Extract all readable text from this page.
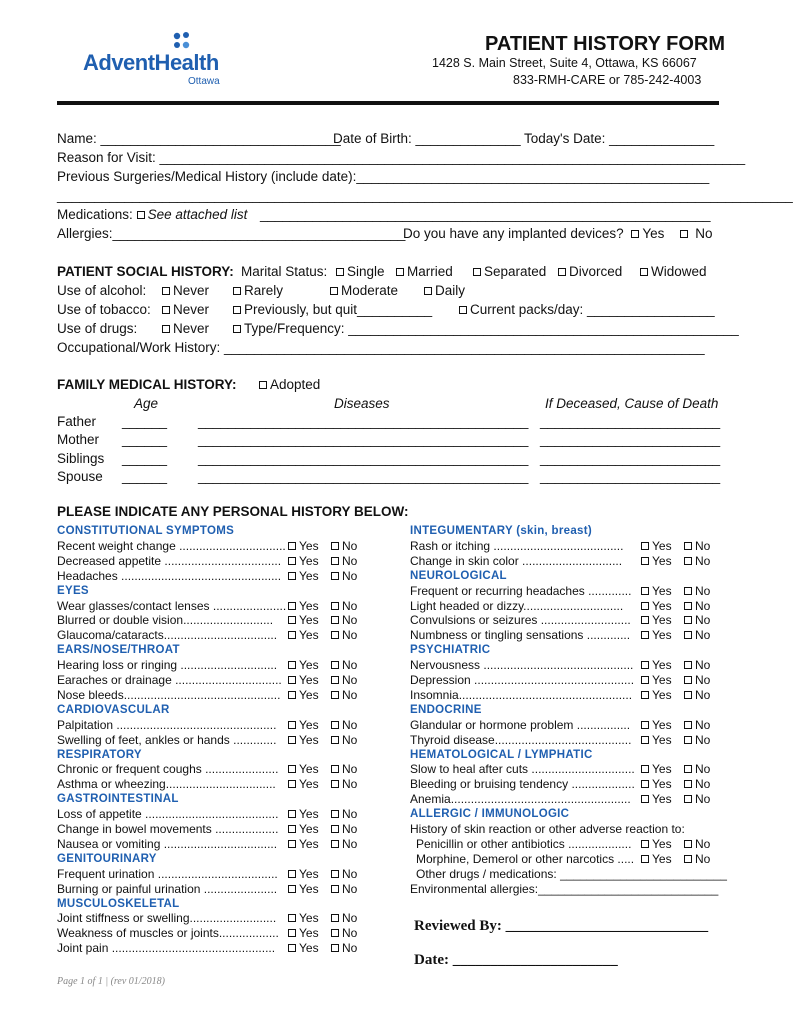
AdventHealth
Ottawa
PATIENT HISTORY FORM
1428 S. Main Street, Suite 4, Ottawa, KS 66067
833-RMH-CARE or 785-242-4003
Name: ________________________________
Date of Birth: ______________ Today's Date: ______________
Reason for Visit: ______________________________________________________________________________
Previous Surgeries/Medical History (include date):_______________________________________________
__________________________________________________________________________________________________
Medications: See attached list ____________________________________________________________
Allergies:_______________________________________
Do you have any implanted devices? Yes No
PATIENT SOCIAL HISTORY: Marital Status:	Single	Married	Separated	Divorced	Widowed
Use of alcohol:	Never	Rarely	Moderate	Daily
Use of tobacco:	Never	Previously, but quit__________	Current packs/day: _________________
Use of drugs:	Never	Type/Frequency: ____________________________________________________
Occupational/Work History: ________________________________________________________________
FAMILY MEDICAL HISTORY:	Adopted
Age	Diseases	If Deceased, Cause of Death
Father ______ ____________________________________________ ________________________
Mother ______ ____________________________________________ ________________________
Siblings ______ ____________________________________________ ________________________
Spouse ______ ____________________________________________ ________________________
PLEASE INDICATE ANY PERSONAL HISTORY BELOW:
CONSTITUTIONAL SYMPTOMS
Recent weight change ................................	Yes	No
Decreased appetite ...................................	Yes	No
Headaches ................................................	Yes	No
EYES
Wear glasses/contact lenses ......................	Yes	No
Blurred or double vision...........................	Yes	No
Glaucoma/cataracts..................................	Yes	No
EARS/NOSE/THROAT
Hearing loss or ringing .............................	Yes	No
Earaches or drainage ................................	Yes	No
Nose bleeds...............................................	Yes	No
CARDIOVASCULAR
Palpitation ................................................	Yes	No
Swelling of feet, ankles or hands .............	Yes	No
RESPIRATORY
Chronic or frequent coughs ......................	Yes	No
Asthma or wheezing.................................	Yes	No
GASTROINTESTINAL
Loss of appetite ........................................	Yes	No
Change in bowel movements ...................	Yes	No
Nausea or vomiting ..................................	Yes	No
GENITOURINARY
Frequent urination ....................................	Yes	No
Burning or painful urination ......................	Yes	No
MUSCULOSKELETAL
Joint stiffness or swelling..........................	Yes	No
Weakness of muscles or joints..................	Yes	No
Joint pain .................................................	Yes	No
INTEGUMENTARY (skin, breast)
Rash or itching .......................................	Yes	No
Change in skin color ..............................	Yes	No
NEUROLOGICAL
Frequent or recurring headaches .............	Yes	No
Light headed or dizzy..............................	Yes	No
Convulsions or seizures ...........................	Yes	No
Numbness or tingling sensations .............	Yes	No
PSYCHIATRIC
Nervousness .............................................	Yes	No
Depression ................................................	Yes	No
Insomnia....................................................	Yes	No
ENDOCRINE
Glandular or hormone problem ................	Yes	No
Thyroid disease.........................................	Yes	No
HEMATOLOGICAL / LYMPHATIC
Slow to heal after cuts ...............................	Yes	No
Bleeding or bruising tendency ...................	Yes	No
Anemia......................................................	Yes	No
ALLERGIC / IMMUNOLOGIC
History of skin reaction or other adverse reaction to:
Penicillin or other antibiotics ...................	Yes	No
Morphine, Demerol or other narcotics .....	Yes	No
Other drugs / medications: _________________________
Environmental allergies:___________________________
Reviewed By: ___________________________
Date: ______________________
Page 1 of 1 | (rev 01/2018)
